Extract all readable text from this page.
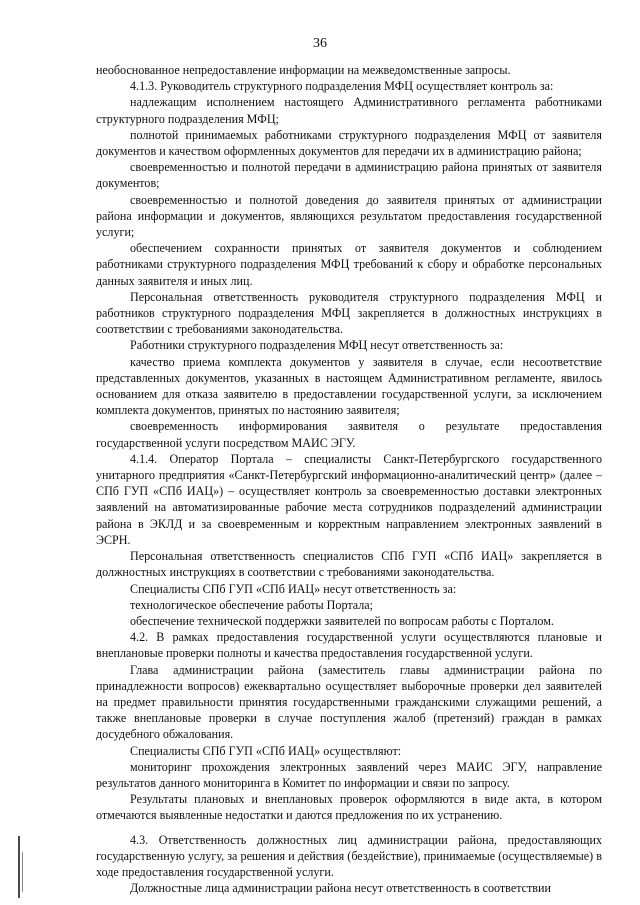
36

необоснованное непредоставление информации на межведомственные запросы.

4.1.3. Руководитель структурного подразделения МФЦ осуществляет контроль за:

надлежащим исполнением настоящего Административного регламента работниками структурного подразделения МФЦ;

полнотой принимаемых работниками структурного подразделения МФЦ от заявителя документов и качеством оформленных документов для передачи их в администрацию района;

своевременностью и полнотой передачи в администрацию района принятых от заявителя документов;

своевременностью и полнотой доведения до заявителя принятых от администрации района информации и документов, являющихся результатом предоставления государственной услуги;

обеспечением сохранности принятых от заявителя документов и соблюдением работниками структурного подразделения МФЦ требований к сбору и обработке персональных данных заявителя и иных лиц.

Персональная ответственность руководителя структурного подразделения МФЦ и работников структурного подразделения МФЦ закрепляется в должностных инструкциях в соответствии с требованиями законодательства.

Работники структурного подразделения МФЦ несут ответственность за:

качество приема комплекта документов у заявителя в случае, если несоответствие представленных документов, указанных в настоящем Административном регламенте, явилось основанием для отказа заявителю в предоставлении государственной услуги, за исключением комплекта документов, принятых по настоянию заявителя;

своевременность информирования заявителя о результате предоставления государственной услуги посредством МАИС ЭГУ.

4.1.4. Оператор Портала – специалисты Санкт-Петербургского государственного унитарного предприятия «Санкт-Петербургский информационно-аналитический центр» (далее – СПб ГУП «СПб ИАЦ») – осуществляет контроль за своевременностью доставки электронных заявлений на автоматизированные рабочие места сотрудников подразделений администрации района в ЭКЛД и за своевременным и корректным направлением электронных заявлений в ЭСРН.

Персональная ответственность специалистов СПб ГУП «СПб ИАЦ» закрепляется в должностных инструкциях в соответствии с требованиями законодательства.

Специалисты СПб ГУП «СПб ИАЦ» несут ответственность за:

технологическое обеспечение работы Портала;

обеспечение технической поддержки заявителей по вопросам работы с Порталом.

4.2. В рамках предоставления государственной услуги осуществляются плановые и внеплановые проверки полноты и качества предоставления государственной услуги.

Глава администрации района (заместитель главы администрации района по принадлежности вопросов) ежеквартально осуществляет выборочные проверки дел заявителей на предмет правильности принятия государственными гражданскими служащими решений, а также внеплановые проверки в случае поступления жалоб (претензий) граждан в рамках досудебного обжалования.

Специалисты СПб ГУП «СПб ИАЦ» осуществляют:

мониторинг прохождения электронных заявлений через МАИС ЭГУ, направление результатов данного мониторинга в Комитет по информации и связи по запросу.

Результаты плановых и внеплановых проверок оформляются в виде акта, в котором отмечаются выявленные недостатки и даются предложения по их устранению.

4.3. Ответственность должностных лиц администрации района, предоставляющих государственную услугу, за решения и действия (бездействие), принимаемые (осуществляемые) в ходе предоставления государственной услуги.

Должностные лица администрации района несут ответственность в соответствии
